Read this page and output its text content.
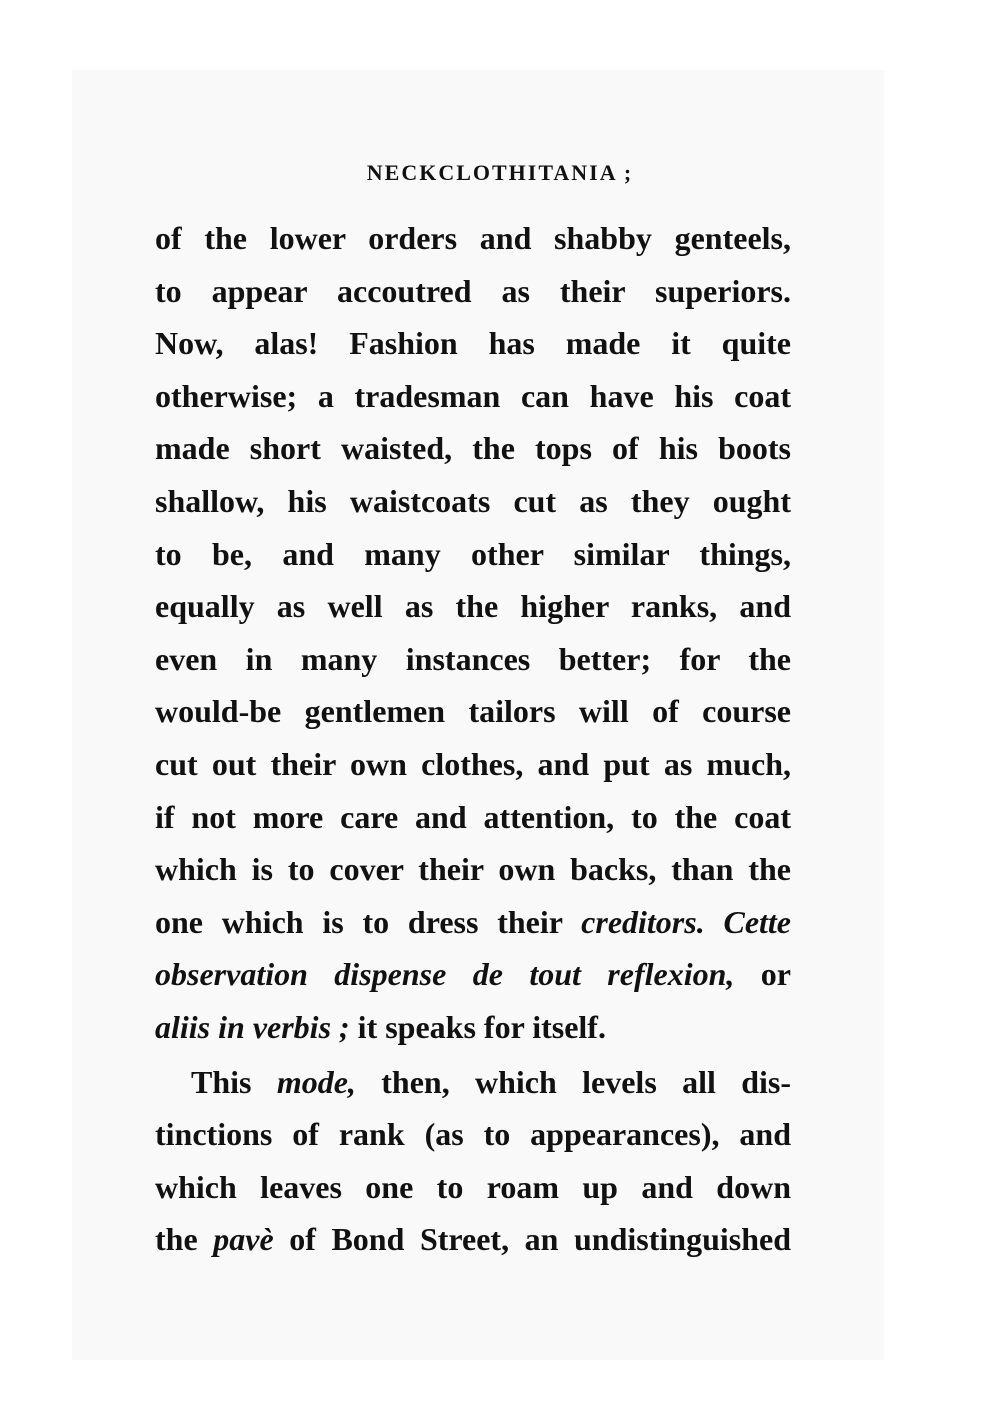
NECKCLOTHITANIA ;
of the lower orders and shabby genteels,
to appear accoutred as their superiors.
Now, alas! Fashion has made it quite
otherwise; a tradesman can have his coat
made short waisted, the tops of his boots
shallow, his waistcoats cut as they ought
to be, and many other similar things,
equally as well as the higher ranks, and
even in many instances better; for the
would-be gentlemen tailors will of course
cut out their own clothes, and put as much,
if not more care and attention, to the coat
which is to cover their own backs, than the
one which is to dress their creditors. Cette
observation dispense de tout reflexion, or
aliis in verbis ; it speaks for itself.
This mode, then, which levels all dis-
tinctions of rank (as to appearances), and
which leaves one to roam up and down
the pavè of Bond Street, an undistinguished
